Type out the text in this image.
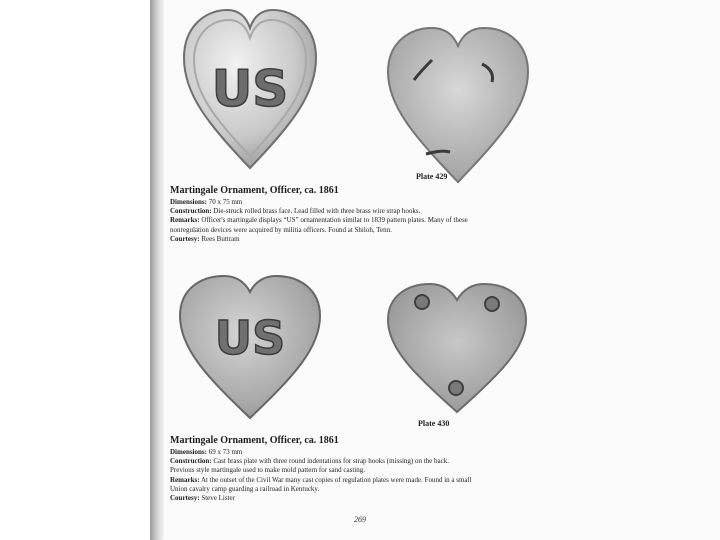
US
Plate 429
Martingale Ornament, Officer, ca. 1861
Dimensions: 70 x 75 mm
Construction: Die-struck rolled brass face. Lead filled with three brass wire strap hooks.
Remarks: Officer's martingale displays “US” ornamentation similar to 1839 pattern plates. Many of these
nonregulation devices were acquired by militia officers. Found at Shiloh, Tenn.
Courtesy: Rees Buttram
US
Plate 430
Martingale Ornament, Officer, ca. 1861
Dimensions: 69 x 73 mm
Construction: Cast brass plate with three round indentations for strap hooks (missing) on the back.
Previous style martingale used to make mold pattern for sand casting.
Remarks: At the outset of the Civil War many cast copies of regulation plates were made. Found in a small
Union cavalry camp guarding a railroad in Kentucky.
Courtesy: Steve Lister
269
